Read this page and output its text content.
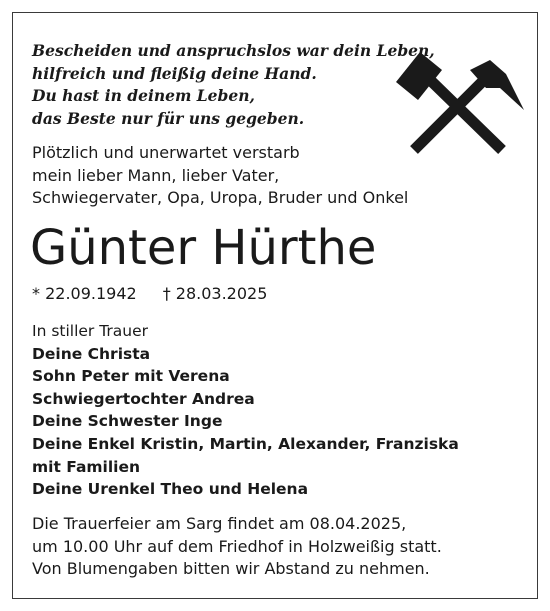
Bescheiden und anspruchslos war dein Leben,
hilfreich und fleißig deine Hand.
Du hast in deinem Leben,
das Beste nur für uns gegeben.
Plötzlich und unerwartet verstarb
mein lieber Mann, lieber Vater,
Schwiegervater, Opa, Uropa, Bruder und Onkel
Günter Hürthe
* 22.09.1942 † 28.03.2025
In stiller Trauer
Deine Christa
Sohn Peter mit Verena
Schwiegertochter Andrea
Deine Schwester Inge
Deine Enkel Kristin, Martin, Alexander, Franziska
mit Familien
Deine Urenkel Theo und Helena
Die Trauerfeier am Sarg findet am 08.04.2025,
um 10.00 Uhr auf dem Friedhof in Holzweißig statt.
Von Blumengaben bitten wir Abstand zu nehmen.
